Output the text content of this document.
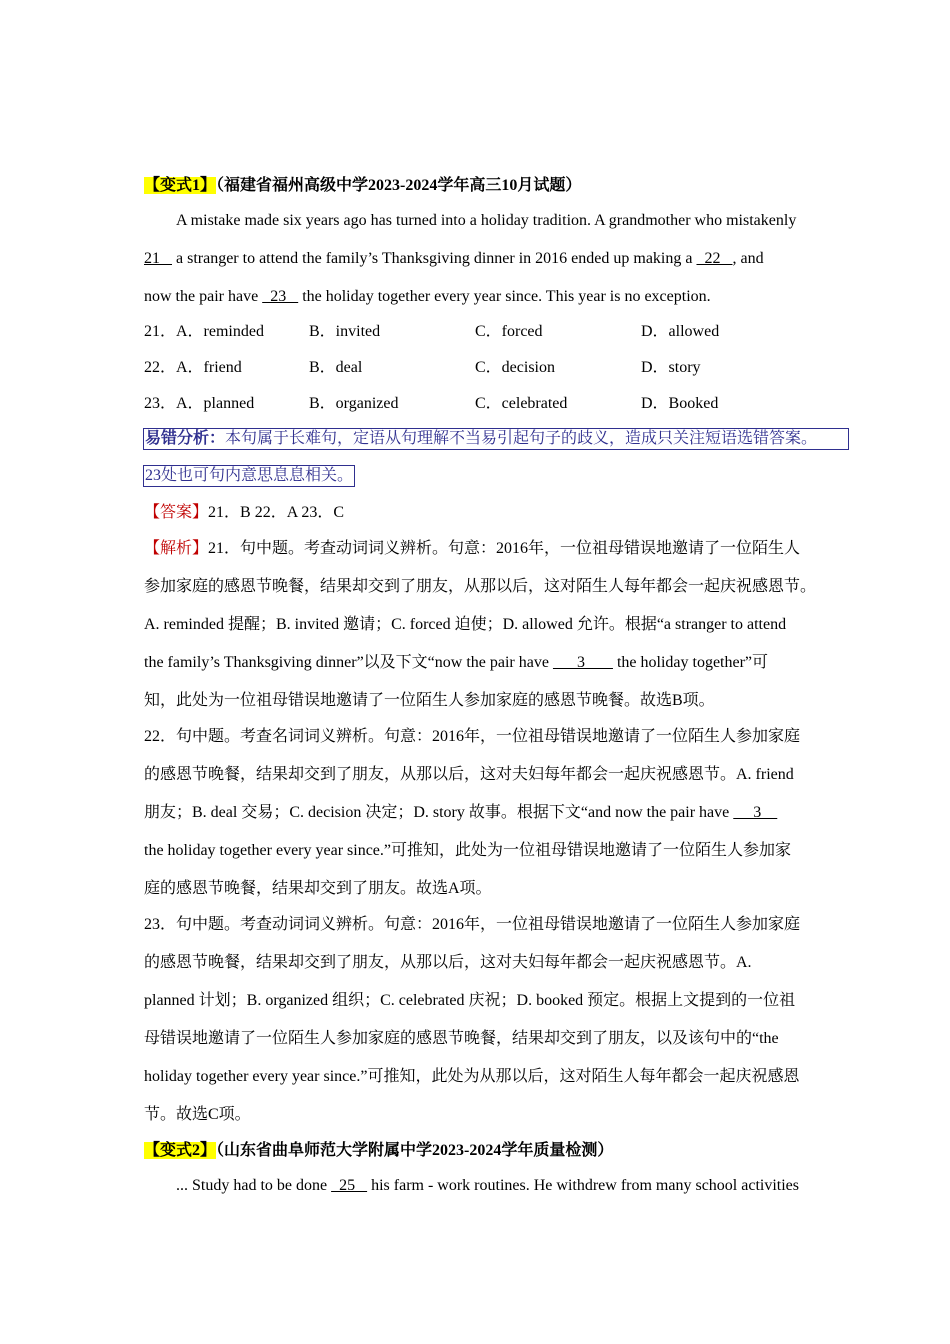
【变式1】（福建省福州高级中学2023-2024学年高三10月试题）
A mistake made six years ago has turned into a holiday tradition. A grandmother who mistakenly
21    a stranger to attend the family’s Thanksgiving dinner in 2016 ended up making a   22   , and
now the pair have   23    the holiday together every year since. This year is no exception.
21． A．reminded	B．invited	C．forced	D．allowed
22． A．friend	B．deal	C．decision	D．story
23． A．planned	B．organized	C．celebrated	D．Booked
易错分析：本句属于长难句，定语从句理解不当易引起句子的歧义，造成只关注短语选错答案。
23处也可句内意思息息相关。
【答案】21．B 22．A 23．C
【解析】21．句中题。考查动词词义辨析。句意：2016年，一位祖母错误地邀请了一位陌生人
参加家庭的感恩节晚餐，结果却交到了朋友，从那以后，这对陌生人每年都会一起庆祝感恩节。
A. reminded 提醒；B. invited 邀请；C. forced 迫使；D. allowed 允许。根据“a stranger to attend
the family’s Thanksgiving dinner”以及下文“now the pair have       3        the holiday together”可
知，此处为一位祖母错误地邀请了一位陌生人参加家庭的感恩节晚餐。故选B项。
22．句中题。考查名词词义辨析。句意：2016年，一位祖母错误地邀请了一位陌生人参加家庭
的感恩节晚餐，结果却交到了朋友，从那以后，这对夫妇每年都会一起庆祝感恩节。A. friend
朋友；B. deal 交易；C. decision 决定；D. story 故事。根据下文“and now the pair have      3
the holiday together every year since.”可推知，此处为一位祖母错误地邀请了一位陌生人参加家
庭的感恩节晚餐，结果却交到了朋友。故选A项。
23．句中题。考查动词词义辨析。句意：2016年，一位祖母错误地邀请了一位陌生人参加家庭
的感恩节晚餐，结果却交到了朋友，从那以后，这对夫妇每年都会一起庆祝感恩节。A.
planned 计划；B. organized 组织；C. celebrated 庆祝；D. booked 预定。根据上文提到的一位祖
母错误地邀请了一位陌生人参加家庭的感恩节晚餐，结果却交到了朋友，以及该句中的“the
holiday together every year since.”可推知，此处为从那以后，这对陌生人每年都会一起庆祝感恩
节。故选C项。
【变式2】（山东省曲阜师范大学附属中学2023-2024学年质量检测）
... Study had to be done   25    his farm - work routines. He withdrew from many school activities
